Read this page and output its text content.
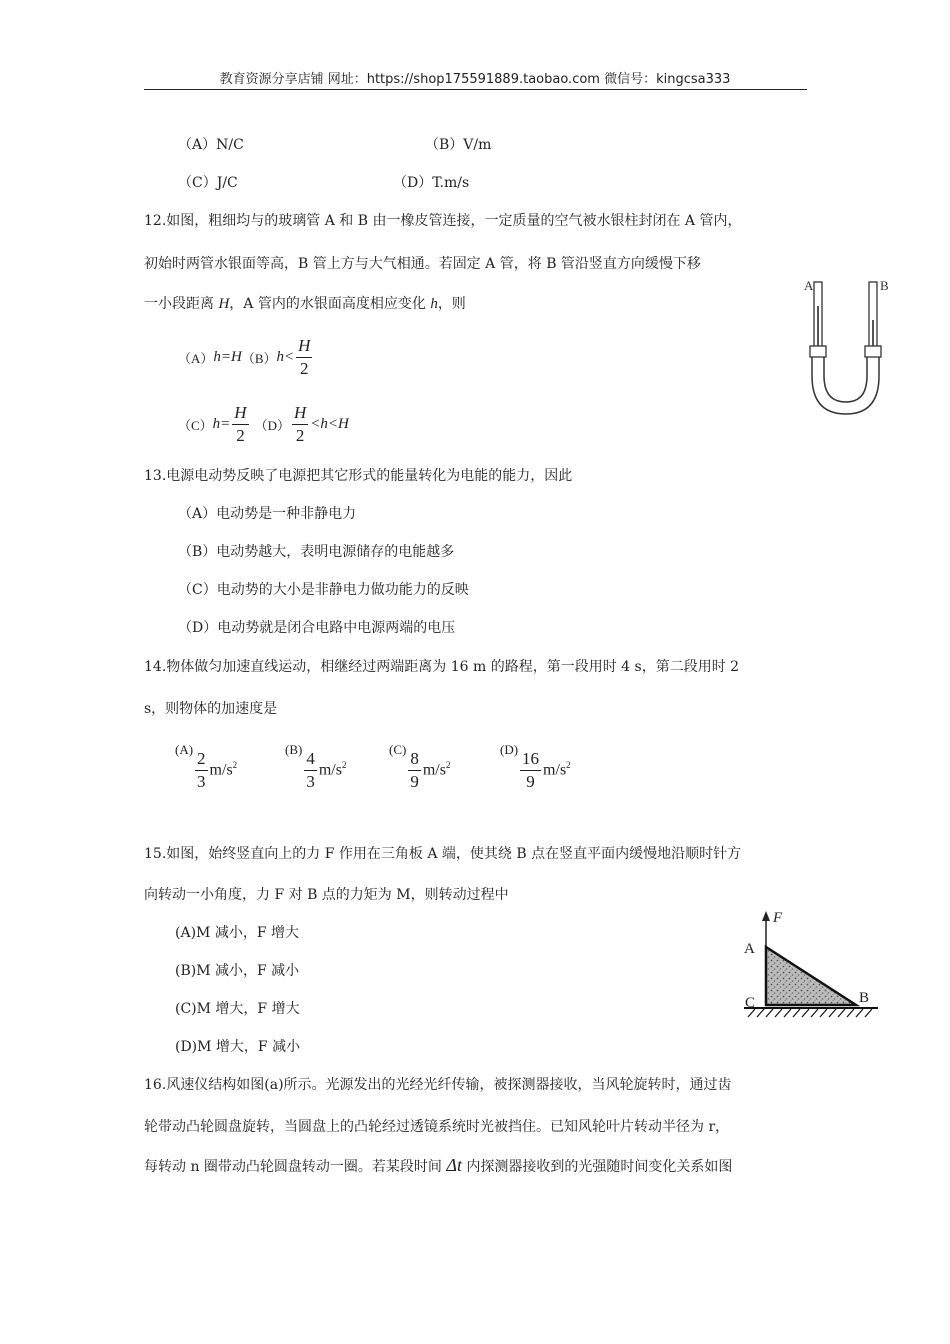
教育资源分享店铺 网址：https://shop175591889.taobao.com 微信号：kingcsa333
（A）N/C	（B）V/m
（C）J/C	（D）T.m/s
12.如图，粗细均与的玻璃管 A 和 B 由一橡皮管连接，一定质量的空气被水银柱封闭在 A 管内，
初始时两管水银面等高，B 管上方与大气相通。若固定 A 管，将 B 管沿竖直方向缓慢下移
一小段距离 H，A 管内的水银面高度相应变化 h，则
（A） h=H （B） $h< \frac{H}{2}$
（C） $h= \frac{H}{2} (D) \frac{H}{2} <h<H$
A	B
13.电源电动势反映了电源把其它形式的能量转化为电能的能力，因此
（A）电动势是一种非静电力
（B）电动势越大，表明电源储存的电能越多
（C）电动势的大小是非静电力做功能力的反映
（D）电动势就是闭合电路中电源两端的电压
14.物体做匀加速直线运动，相继经过两端距离为 16 m 的路程，第一段用时 4 s，第二段用时 2
s，则物体的加速度是
$(A) \frac{2}{3} m/s^2$
$(B) \frac{4}{3} m/s^2$
$(C) \frac{8}{9} m/s^2$
$(D) \frac{16}{9} m/s^2$
15.如图，始终竖直向上的力 F 作用在三角板 A 端，使其绕 B 点在竖直平面内缓慢地沿顺时针方
向转动一小角度，力 F 对 B 点的力矩为 M，则转动过程中
(A)M 减小，F 增大
(B)M 减小，F 减小
(C)M 增大，F 增大
(D)M 增大，F 减小
F
A
C	B
16.风速仪结构如图(a)所示。光源发出的光经光纤传输，被探测器接收，当风轮旋转时，通过齿
轮带动凸轮圆盘旋转，当圆盘上的凸轮经过透镜系统时光被挡住。已知风轮叶片转动半径为 r，
每转动 n 圈带动凸轮圆盘转动一圈。若某段时间 Δt 内探测器接收到的光强随时间变化关系如图
